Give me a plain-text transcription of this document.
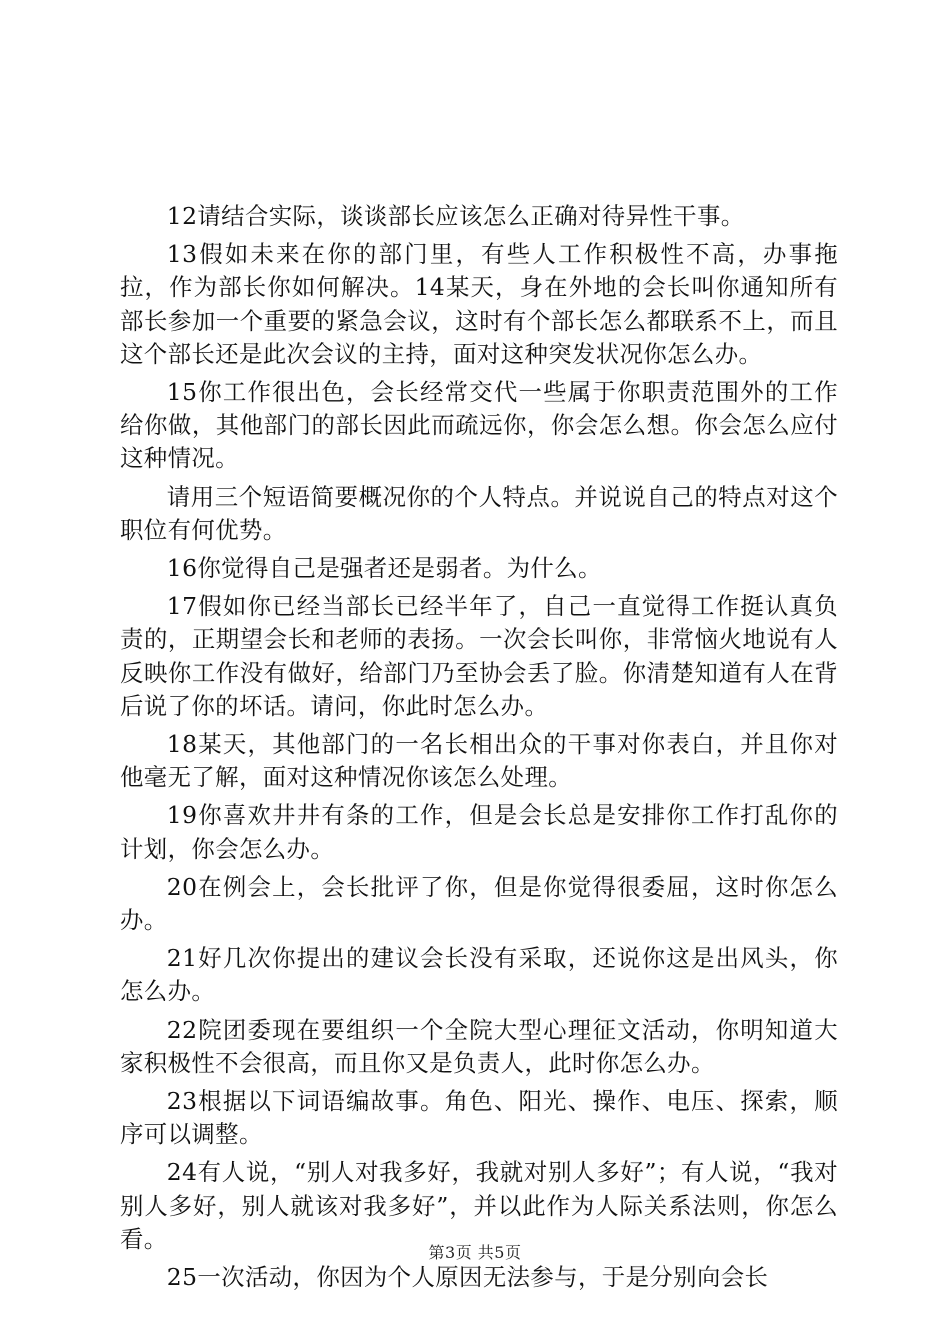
12请结合实际，谈谈部长应该怎么正确对待异性干事。

13假如未来在你的部门里，有些人工作积极性不高，办事拖拉，作为部长你如何解决。14某天，身在外地的会长叫你通知所有部长参加一个重要的紧急会议，这时有个部长怎么都联系不上，而且这个部长还是此次会议的主持，面对这种突发状况你怎么办。

15你工作很出色，会长经常交代一些属于你职责范围外的工作给你做，其他部门的部长因此而疏远你，你会怎么想。你会怎么应付这种情况。

请用三个短语简要概况你的个人特点。并说说自己的特点对这个职位有何优势。

16你觉得自己是强者还是弱者。为什么。

17假如你已经当部长已经半年了，自己一直觉得工作挺认真负责的，正期望会长和老师的表扬。一次会长叫你，非常恼火地说有人反映你工作没有做好，给部门乃至协会丢了脸。你清楚知道有人在背后说了你的坏话。请问，你此时怎么办。

18某天，其他部门的一名长相出众的干事对你表白，并且你对他毫无了解，面对这种情况你该怎么处理。

19你喜欢井井有条的工作，但是会长总是安排你工作打乱你的计划，你会怎么办。

20在例会上，会长批评了你，但是你觉得很委屈，这时你怎么办。

21好几次你提出的建议会长没有采取，还说你这是出风头，你怎么办。

22院团委现在要组织一个全院大型心理征文活动，你明知道大家积极性不会很高，而且你又是负责人，此时你怎么办。

23根据以下词语编故事。角色、阳光、操作、电压、探索，顺序可以调整。

24有人说，“别人对我多好，我就对别人多好”；有人说，“我对别人多好，别人就该对我多好”，并以此作为人际关系法则，你怎么看。

25一次活动，你因为个人原因无法参与，于是分别向会长

第3页 共5页
